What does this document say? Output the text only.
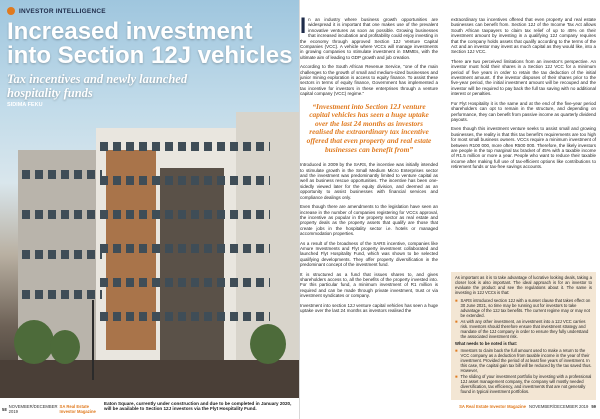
INVESTOR INTELLIGENCE
Increased investment
into Section 12J vehicles
Tax incentives and newly launched hospitality funds
SIDIMA FEKU
58 NOVEMBER/DECEMBER 2019
SA Real Estate Investor Magazine
Eaton Square, currently under construction and due to be completed in January 2020, will be available to Section 12J investors via the Flyt Hospitality Fund.

In an industry where business growth opportunities are widespread it is important that one makes use of the prevalent innovative ventures as soon as possible. Growing businesses that increased incubation and profitability could enjoy investing in the economy through approved Section 12J Venture Capital Companies (VCC). A vehicle where VCCs will manage investments in growing companies to stimulate investment in SMMEs, with the ultimate aim of leading to GDP growth and job creation.

According to the South African Revenue Service, “one of the main challenges to the growth of small and medium-sized businesses and junior mining exploration is access to equity finance. To assist these sectors in terms of equity finance, Government has implemented a tax incentive for investors in these enterprises through a venture capital company (VCC) regime.”

“Investment into Section 12J venture capital vehicles has seen a huge uptake over the last 24 months as investors realised the extraordinary tax incentive offered that even property and real estate businesses can benefit from”

Introduced in 2009 by the SARS, the incentive was initially intended to stimulate growth in the Small Medium Micro Enterprises sector and the investment was predominantly limited to venture capital as well as business rescue opportunities. The incentive has been one-sidedly viewed later for the equity division, and deemed as an opportunity to assist businesses with financial services and compliance dealings only.

Even though there are amendments to the legislation have seen an increase in the number of companies registering for VCCs approval, the incentive as popular in the property sector as real estate and property deals as the property assets that qualify are those that create jobs in the hospitality sector i.e. hotels or managed accommodation properties.

As a result of the broadness of the SARS incentive, companies like Amure Investments and Flyt property investment collaborated and launched Flyt Hospitality Fund, which was shown to be selected qualifying developments. They offer property diversification in the predominant concept of the investment fund.

It is structured as a fund that issues shares to, and gives shareholders access to, all the benefits of the property invested into. For this particular fund, a minimum investment of R1 million is required and can be made through private investment, trust or via investment syndicates or company.

Investment into section 12J venture capital vehicles has seen a huge uptake over the last 24 months as investors realised the

extraordinary tax incentives offered that even property and real estate businesses can benefit from. Section 12J of the Income Tax Act allows South African taxpayers to claim tax relief of up to 45% on their investment amount by investing in a qualifying 12J company requires that the company holds assets that qualify according to the terms of the Act and an investor may invest as much capital as they would like, into a Section 12J VCC.

There are two perceived limitations from an investor’s perspective. An investor must hold their shares in a Section 12J VCC for a minimum period of five years in order to retain the tax deduction of the initial investment amount. If the investor disposes of their shares prior to the five-year period, the initial investment amount will be recouped and the investor will be required to pay back the full tax saving with no additional interest or penalties.

For Flyt Hospitality it is the same and at the end of the five-year period shareholders can opt to remain in the structure, and depending on performance, they can benefit from passive income as quarterly dividend payouts.

Even though this investment venture seeks to assist small and growing businesses, the reality is that this tax benefit’s requirements are too high for most small business owners. VCCs require a minimum investment of between R100 000, more often R500 000. Therefore, the likely investors are people in the top marginal tax bracket of 45% with a taxable income of R1.5 million or more a year. People who want to reduce their taxable income after making full use of tax-efficient options like contributions to retirement funds or tax-free savings accounts.

As important as it is to take advantage of lucrative looking deals, taking a closer look is also important. The ideal approach is for an investor to evaluate the product and see the regulations about it. The same is investing in 12J VCCs is that:

■ SARS introduced section 12J with a sunset clause that takes effect on 30 June 2021, so time may be running out for investors to take advantage of the 12J tax benefits. The current regime may or may not be extended.
■ As with any other investment, an investment into a 12J VCC carries risk. Investors should therefore ensure that investment strategy and mandate of the 12J company in order to ensure they fully understand the associated investment risk.
What needs to be noted is that:
■ Investors to claim back the full amount used to make a return to the VCC company as a deduction from taxable income in the year of their investment. Provided the period of at least five years of investment. In this case, the capital gain tax bill will be reduced by the tax saved thus. However,
■ The sliding of your investment portfolio by investing with a professional 12J asset management company, the company will mostly needed diversification, tax efficiency, and investments that are not generally found in typical investment portfolios.
SA Real Estate Investor Magazine NOVEMBER/DECEMBER 2019 59
